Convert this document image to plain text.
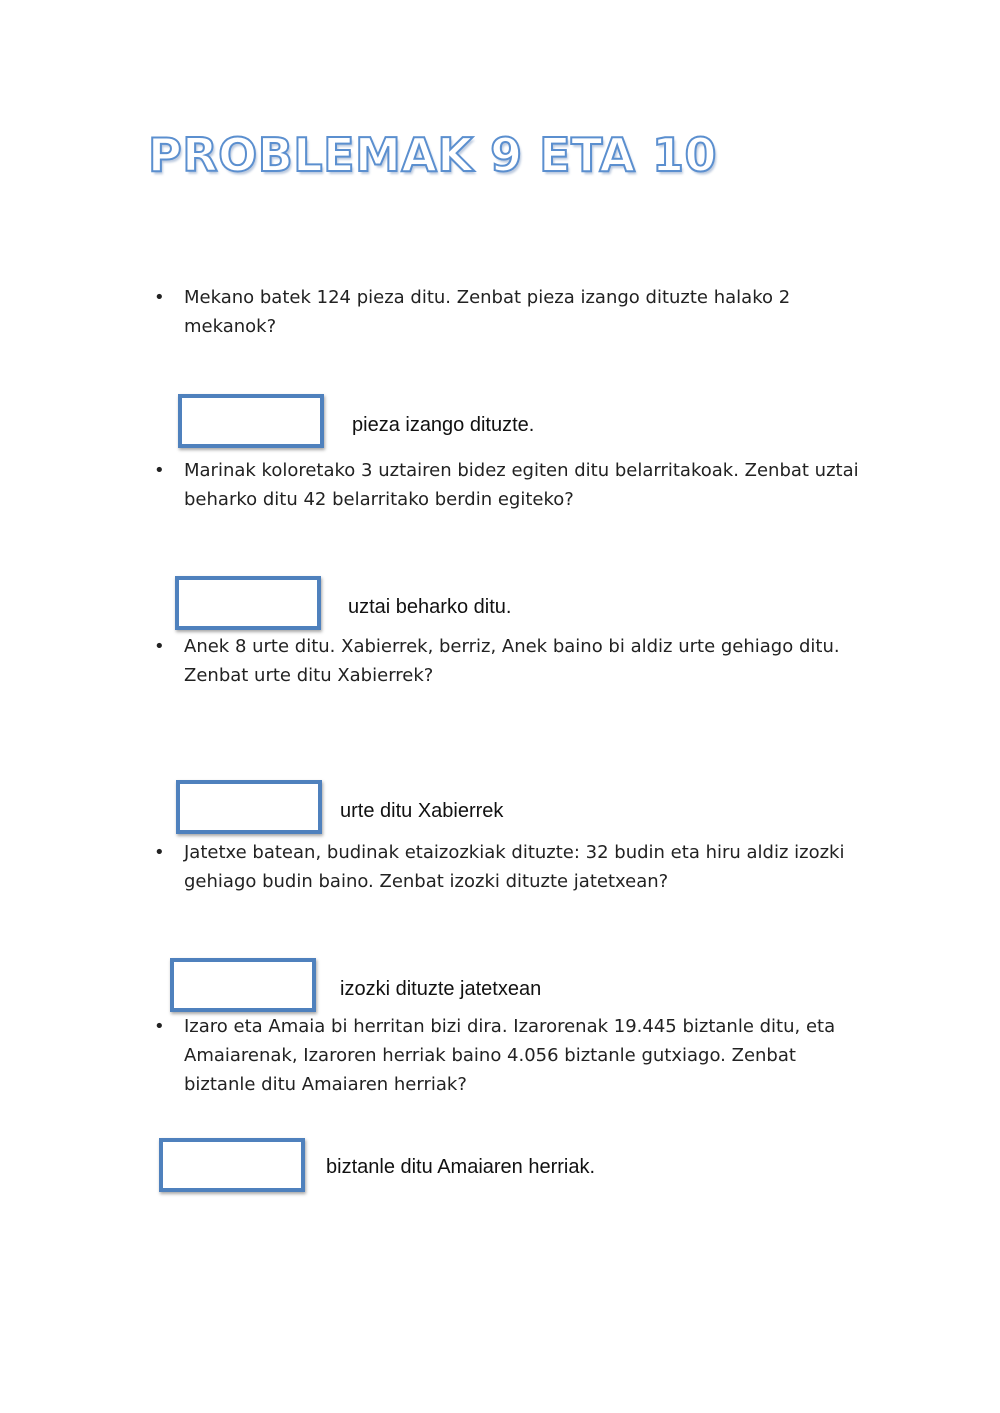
PROBLEMAK 9 ETA 10
• Mekano batek 124 pieza ditu. Zenbat pieza izango dituzte halako 2 mekanok?
pieza izango dituzte.
• Marinak koloretako 3 uztairen bidez egiten ditu belarritakoak. Zenbat uztai beharko ditu 42 belarritako berdin egiteko?
uztai beharko ditu.
• Anek 8 urte ditu. Xabierrek, berriz, Anek baino bi aldiz urte gehiago ditu. Zenbat urte ditu Xabierrek?
urte ditu Xabierrek
• Jatetxe batean, budinak etaizozkiak dituzte: 32 budin eta hiru aldiz izozki gehiago budin baino. Zenbat izozki dituzte jatetxean?
izozki dituzte jatetxean
• Izaro eta Amaia bi herritan bizi dira. Izarorenak 19.445 biztanle ditu, eta Amaiarenak, Izaroren herriak baino 4.056 biztanle gutxiago. Zenbat biztanle ditu Amaiaren herriak?
biztanle ditu Amaiaren herriak.
